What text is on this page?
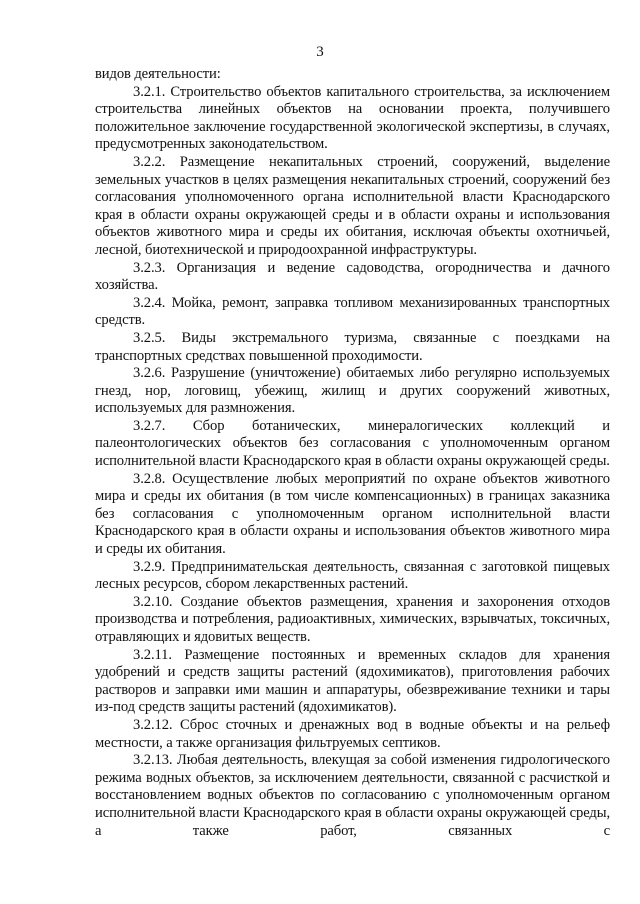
3

видов деятельности:

3.2.1. Строительство объектов капитального строительства, за исключением строительства линейных объектов на основании проекта, получившего положительное заключение государственной экологической экспертизы, в случаях, предусмотренных законодательством.

3.2.2. Размещение некапитальных строений, сооружений, выделение земельных участков в целях размещения некапитальных строений, сооружений без согласования уполномоченного органа исполнительной власти Краснодарского края в области охраны окружающей среды и в области охраны и использования объектов животного мира и среды их обитания, исключая объекты охотничьей, лесной, биотехнической и природоохранной инфраструктуры.

3.2.3. Организация и ведение садоводства, огородничества и дачного хозяйства.

3.2.4. Мойка, ремонт, заправка топливом механизированных транспортных средств.

3.2.5. Виды экстремального туризма, связанные с поездками на транспортных средствах повышенной проходимости.

3.2.6. Разрушение (уничтожение) обитаемых либо регулярно используемых гнезд, нор, логовищ, убежищ, жилищ и других сооружений животных, используемых для размножения.

3.2.7. Сбор ботанических, минералогических коллекций и палеонтологических объектов без согласования с уполномоченным органом исполнительной власти Краснодарского края в области охраны окружающей среды.

3.2.8. Осуществление любых мероприятий по охране объектов животного мира и среды их обитания (в том числе компенсационных) в границах заказника без согласования с уполномоченным органом исполнительной власти Краснодарского края в области охраны и использования объектов животного мира и среды их обитания.

3.2.9. Предпринимательская деятельность, связанная с заготовкой пищевых лесных ресурсов, сбором лекарственных растений.

3.2.10. Создание объектов размещения, хранения и захоронения отходов производства и потребления, радиоактивных, химических, взрывчатых, токсичных, отравляющих и ядовитых веществ.

3.2.11. Размещение постоянных и временных складов для хранения удобрений и средств защиты растений (ядохимикатов), приготовления рабочих растворов и заправки ими машин и аппаратуры, обезвреживание техники и тары из-под средств защиты растений (ядохимикатов).

3.2.12. Сброс сточных и дренажных вод в водные объекты и на рельеф местности, а также организация фильтруемых септиков.

3.2.13. Любая деятельность, влекущая за собой изменения гидрологического режима водных объектов, за исключением деятельности, связанной с расчисткой и восстановлением водных объектов по согласованию с уполномоченным органом исполнительной власти Краснодарского края в области охраны окружающей среды, а также работ, связанных с
